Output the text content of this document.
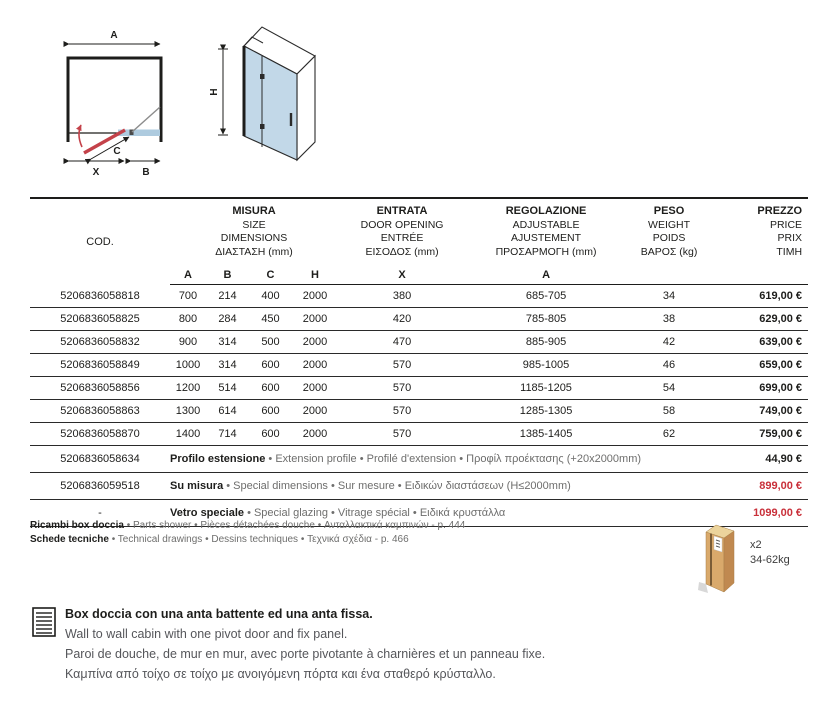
A
C
X	B
H
COD.	
MISURA
SIZE
DIMENSIONS
ΔΙΑΣΤΑΣΗ (mm)

ENTRATA
DOOR OPENING
ENTRÉE
ΕΙΣΟΔΟΣ (mm)

REGOLAZIONE
ADJUSTABLE
AJUSTEMENT
ΠΡΟΣΑΡΜΟΓΗ (mm)

PESO
WEIGHT
POIDS
ΒΑΡΟΣ (kg)

PREZZO
PRICE
PRIX
ΤΙΜΗ

	A	B	C	H	X	A		
5206836058818	700	214	400	2000	380	685-705	34	619,00 €
5206836058825	800	284	450	2000	420	785-805	38	629,00 €
5206836058832	900	314	500	2000	470	885-905	42	639,00 €
5206836058849	1000	314	600	2000	570	985-1005	46	659,00 €
5206836058856	1200	514	600	2000	570	1185-1205	54	699,00 €
5206836058863	1300	614	600	2000	570	1285-1305	58	749,00 €
5206836058870	1400	714	600	2000	570	1385-1405	62	759,00 €
5206836058634	Profilo estensione • Extension profile • Profilé d'extension • Προφίλ προέκτασης (+20x2000mm)							44,90 €
5206836059518	Su misura • Special dimensions • Sur mesure • Ειδικών διαστάσεων (H≤2000mm)							899,00 €
-	Vetro speciale • Special glazing • Vitrage spécial • Ειδικά κρυστάλλα							1099,00 €
Ricambi box doccia • Parts shower • Pièces détachées douche • Ανταλλακτικά καμπινών - p. 444
Schede tecniche • Technical drawings • Dessins techniques • Τεχνικά σχέδια - p. 466	x2
34-62kg
Box doccia con una anta battente ed una anta fissa.
Wall to wall cabin with one pivot door and fix panel.
Paroi de douche, de mur en mur, avec porte pivotante à charnières et un panneau fixe.
Καμπίνα από τοίχο σε τοίχο με ανοιγόμενη πόρτα και ένα σταθερό κρύσταλλο.
